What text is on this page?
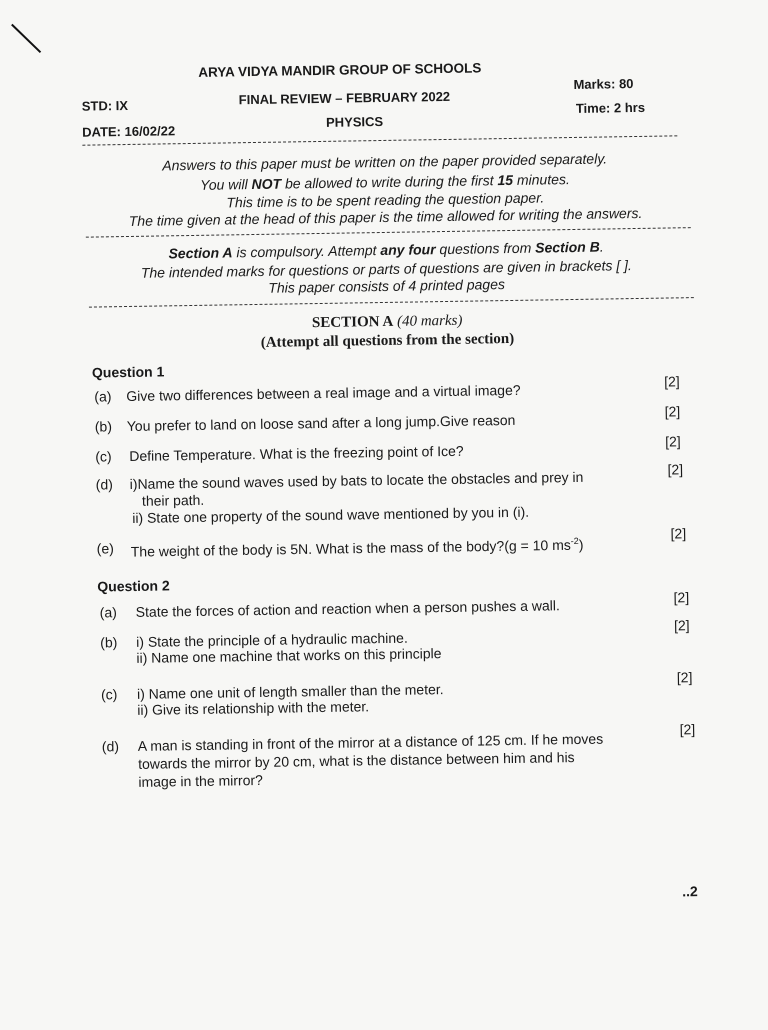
ARYA VIDYA MANDIR GROUP OF SCHOOLS
STD: IX	FINAL REVIEW – FEBRUARY 2022
Marks: 80
PHYSICS
Time: 2 hrs
DATE: 16/02/22
Answers to this paper must be written on the paper provided separately.
You will NOT be allowed to write during the first 15 minutes.
This time is to be spent reading the question paper.
The time given at the head of this paper is the time allowed for writing the answers.
Section A is compulsory. Attempt any four questions from Section B.
The intended marks for questions or parts of questions are given in brackets [ ].
This paper consists of 4 printed pages
SECTION A (40 marks)
(Attempt all questions from the section)
Question 1
(a) Give two differences between a real image and a virtual image?
[2]
(b) You prefer to land on loose sand after a long jump.Give reason
[2]
(c) Define Temperature. What is the freezing point of Ice?
[2]
(d) i)Name the sound waves used by bats to locate the obstacles and prey in
their path.
ii) State one property of the sound wave mentioned by you in (i).
[2]
(e) The weight of the body is 5N. What is the mass of the body?(g = 10 $ms^{-2}$)
[2]
Question 2
(a) State the forces of action and reaction when a person pushes a wall.	[2]
(b) i) State the principle of a hydraulic machine.
ii) Name one machine that works on this principle
[2]
(c) i) Name one unit of length smaller than the meter.
ii) Give its relationship with the meter.
[2]
(d) A man is standing in front of the mirror at a distance of 125 cm. If he moves
towards the mirror by 20 cm, what is the distance between him and his
image in the mirror?
[2]
..2
